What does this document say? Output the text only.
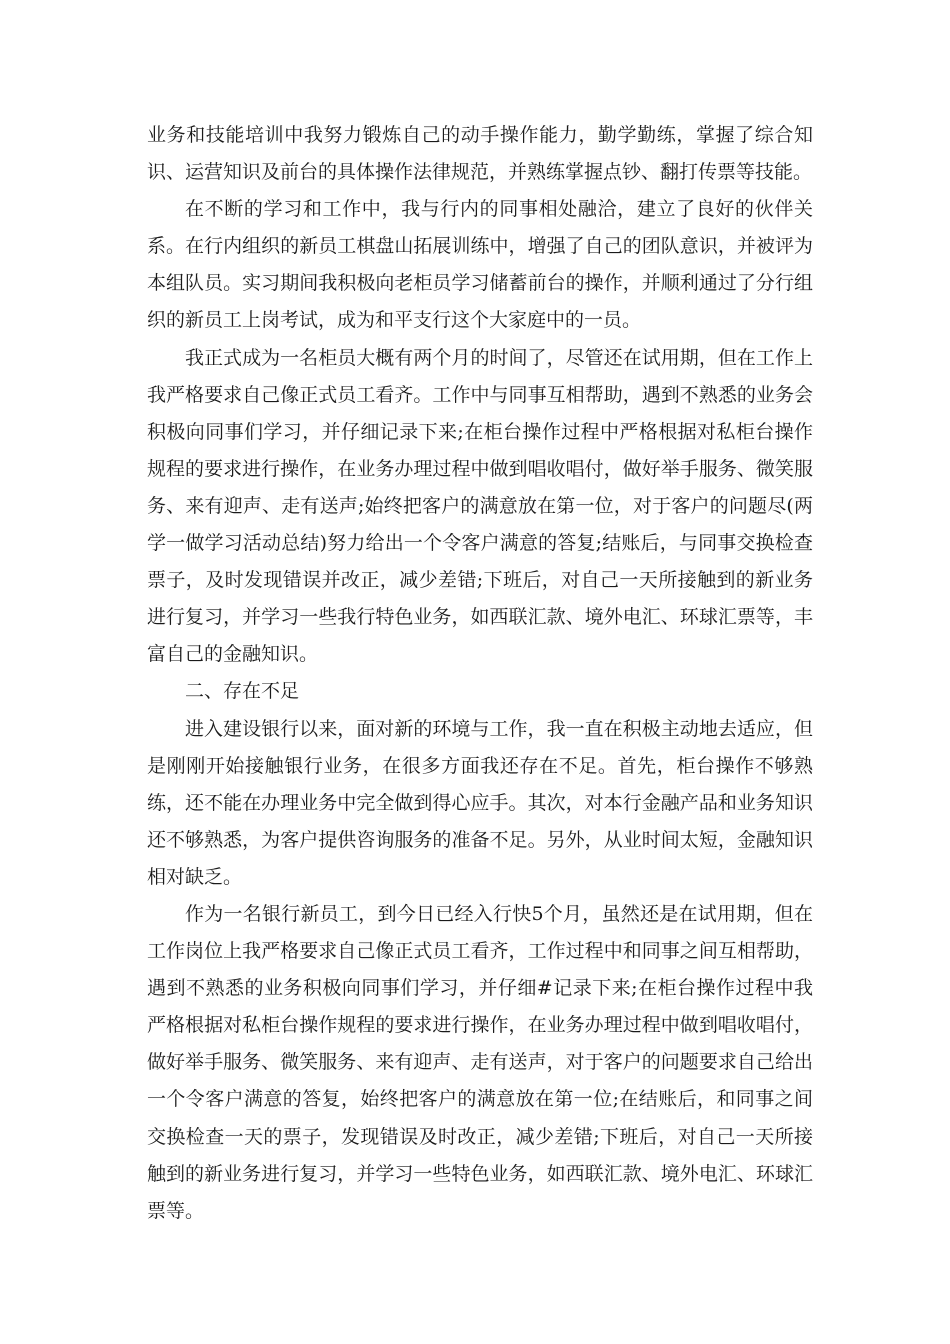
业务和技能培训中我努力锻炼自己的动手操作能力，勤学勤练，掌握了综合知识、运营知识及前台的具体操作法律规范，并熟练掌握点钞、翻打传票等技能。

在不断的学习和工作中，我与行内的同事相处融洽，建立了良好的伙伴关系。在行内组织的新员工棋盘山拓展训练中，增强了自己的团队意识，并被评为本组队员。实习期间我积极向老柜员学习储蓄前台的操作，并顺利通过了分行组织的新员工上岗考试，成为和平支行这个大家庭中的一员。

我正式成为一名柜员大概有两个月的时间了，尽管还在试用期，但在工作上我严格要求自己像正式员工看齐。工作中与同事互相帮助，遇到不熟悉的业务会积极向同事们学习，并仔细记录下来;在柜台操作过程中严格根据对私柜台操作规程的要求进行操作，在业务办理过程中做到唱收唱付，做好举手服务、微笑服务、来有迎声、走有送声;始终把客户的满意放在第一位，对于客户的问题尽(两学一做学习活动总结)努力给出一个令客户满意的答复;结账后，与同事交换检查票子，及时发现错误并改正，减少差错;下班后，对自己一天所接触到的新业务进行复习，并学习一些我行特色业务，如西联汇款、境外电汇、环球汇票等，丰富自己的金融知识。

二、存在不足

进入建设银行以来，面对新的环境与工作，我一直在积极主动地去适应，但是刚刚开始接触银行业务，在很多方面我还存在不足。首先，柜台操作不够熟练，还不能在办理业务中完全做到得心应手。其次，对本行金融产品和业务知识还不够熟悉，为客户提供咨询服务的准备不足。另外，从业时间太短，金融知识相对缺乏。

作为一名银行新员工，到今日已经入行快5个月，虽然还是在试用期，但在工作岗位上我严格要求自己像正式员工看齐，工作过程中和同事之间互相帮助，遇到不熟悉的业务积极向同事们学习，并仔细#记录下来;在柜台操作过程中我严格根据对私柜台操作规程的要求进行操作，在业务办理过程中做到唱收唱付，做好举手服务、微笑服务、来有迎声、走有送声，对于客户的问题要求自己给出一个令客户满意的答复，始终把客户的满意放在第一位;在结账后，和同事之间交换检查一天的票子，发现错误及时改正，减少差错;下班后，对自己一天所接触到的新业务进行复习，并学习一些特色业务，如西联汇款、境外电汇、环球汇票等。
